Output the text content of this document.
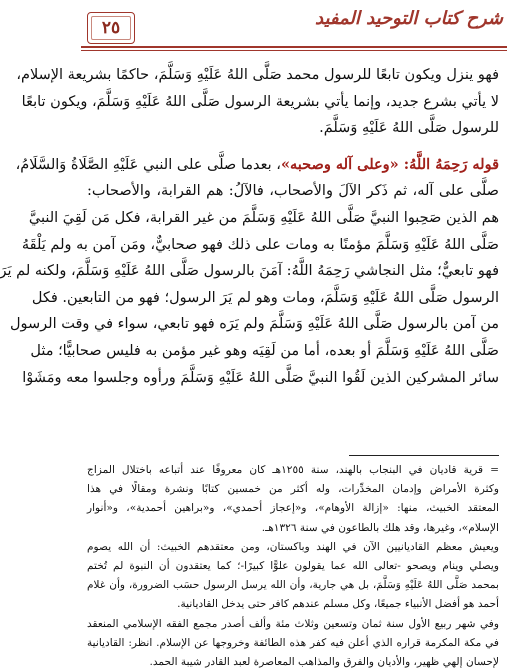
شرح كتاب التوحيد المفيد
٢٥
فهو ينزل ويكون تابعًا للرسول محمد صَلَّى اللهُ عَلَيْهِ وَسَلَّمَ، حاكمًا بشريعة الإسلام،
لا يأتي بشرع جديد، وإنما يأتي بشريعة الرسول صَلَّى اللهُ عَلَيْهِ وَسَلَّمَ، ويكون تابعًا
للرسول صَلَّى اللهُ عَلَيْهِ وَسَلَّمَ.
قوله رَحِمَهُ اللَّهُ: «وعلى آله وصحبه»، بعدما صلَّى على النبي عَلَيْهِ الصَّلَاةُ وَالسَّلَامُ،
صلَّى على آله، ثم ذَكر الآلَ والأصحاب، فالآلُ: هم القرابة، والأصحاب:
هم الذين صَحِبوا النبيَّ صَلَّى اللهُ عَلَيْهِ وَسَلَّمَ من غير القرابة، فكل مَن لَقِيَ النبيَّ
صَلَّى اللهُ عَلَيْهِ وَسَلَّمَ مؤمنًا به ومات على ذلك فهو صحابيٌّ، ومَن آمن به ولم يَلْقَهُ
فهو تابعيٌّ؛ مثل النجاشي رَحِمَهُ اللَّهُ: آمَنَ بالرسول صَلَّى اللهُ عَلَيْهِ وَسَلَّمَ، ولكنه لم يَرَ
الرسول صَلَّى اللهُ عَلَيْهِ وَسَلَّمَ، ومات وهو لم يَرَ الرسول؛ فهو من التابعين. فكل
من آمن بالرسول صَلَّى اللهُ عَلَيْهِ وَسَلَّمَ ولم يَرَه فهو تابعي، سواء في وقت الرسول
صَلَّى اللهُ عَلَيْهِ وَسَلَّمَ أو بعده، أما من لَقِيَه وهو غير مؤمن به فليس صحابيًّا؛ مثل
سائر المشركين الذين لَقُوا النبيَّ صَلَّى اللهُ عَلَيْهِ وَسَلَّمَ ورأوه وجلسوا معه ومَشَوْا
= قرية قاديان في البنجاب بالهند، سنة ١٢٥٥هـ كان معروفًا عند أتباعه باختلال المزاج
وكثرة الأمراض وإدمان المخدِّرات، وله أكثر من خمسين كتابًا ونشرة ومقالًا في هذا
المعتقد الخبيث، منها: «إزالة الأوهام»، و«إعجاز أحمدي»، و«براهين أحمدية»، و«أنوار
الإسلام»، وغيرها، وقد هلك بالطاعون في سنة ١٣٢٦هـ.
ويعيش معظم القاديانيين الآن في الهند وباكستان، ومن معتقدهم الخبيث: أن الله يصوم
ويصلي وينام ويصحو -تعالى الله عما يقولون علوًّا كبيرًا-؛ كما يعتقدون أن النبوة لم تُختم
بمحمد صَلَّى اللهُ عَلَيْهِ وَسَلَّمَ، بل هي جارية، وأن الله يرسل الرسول حسَب الضرورة، وأن غلام
أحمد هو أفضل الأنبياء جميعًا، وكل مسلم عندهم كافر حتى يدخل القاديانية.
وفي شهر ربيع الأول سنة ثمان وتسعين وثلاث مئة وألف أصدر مجمع الفقه الإسلامي المنعقد
في مكة المكرمة قراره الذي أعلن فيه كفر هذه الطائفة وخروجها عن الإسلام. انظر: القاديانية
لإحسان إلهي ظهير، والأديان والفرق والمذاهب المعاصرة لعبد القادر شيبة الحمد.
